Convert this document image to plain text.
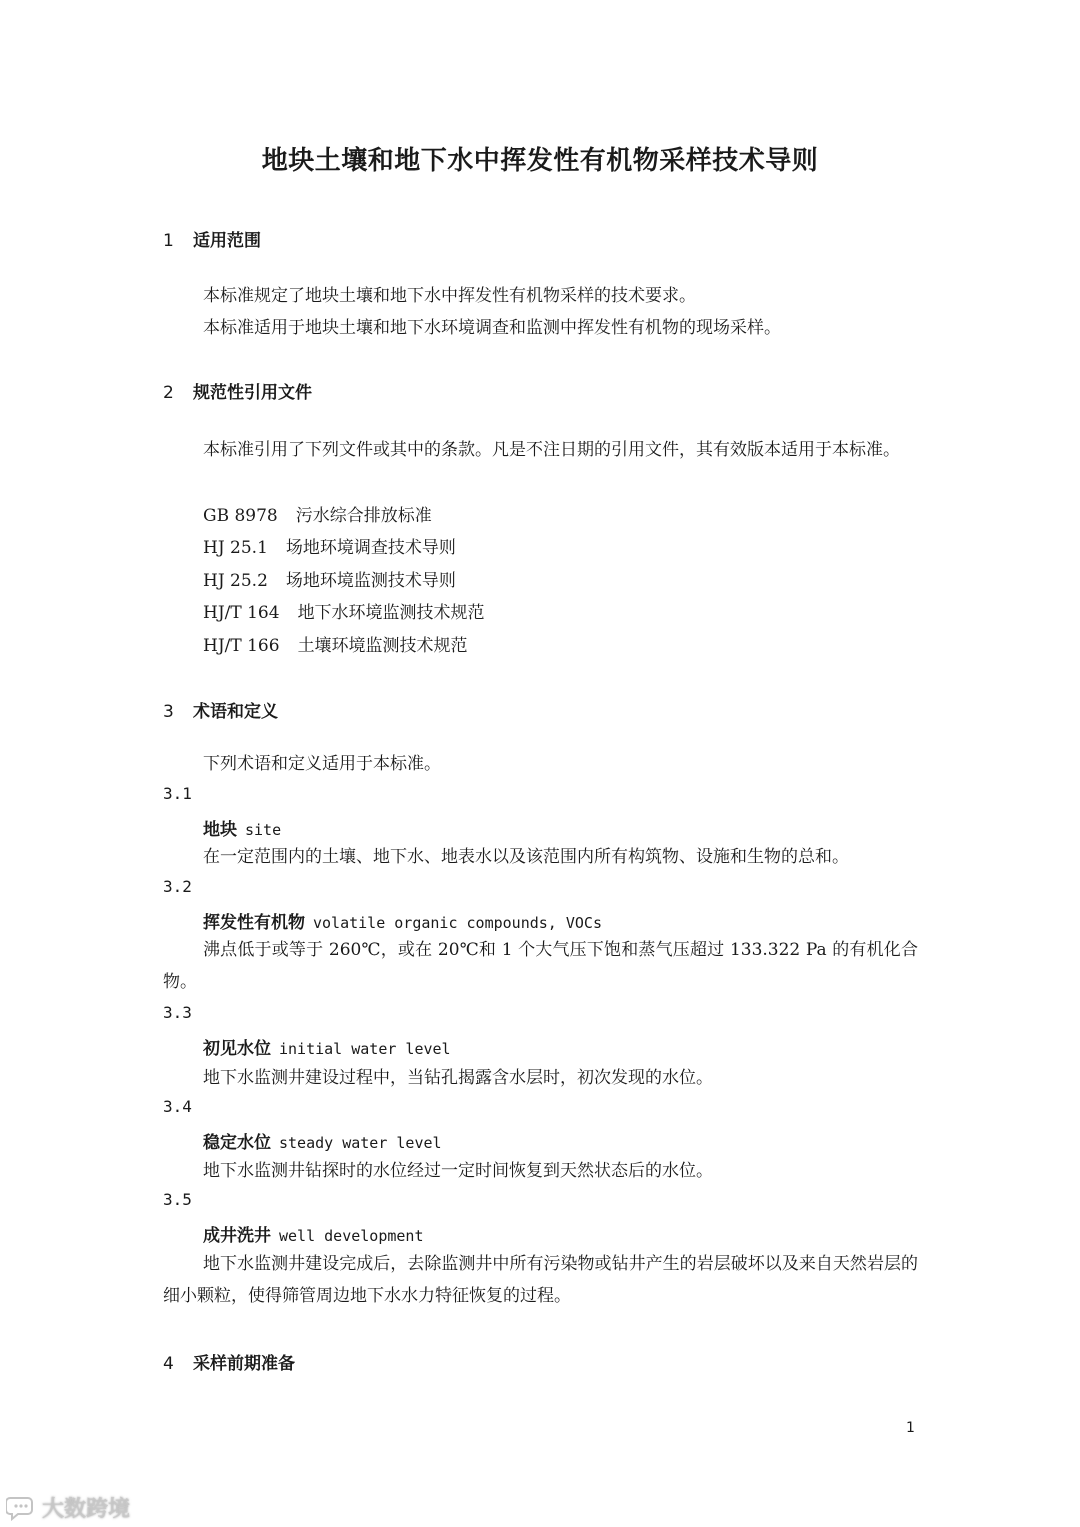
地块土壤和地下水中挥发性有机物采样技术导则
1 适用范围
本标准规定了地块土壤和地下水中挥发性有机物采样的技术要求。
本标准适用于地块土壤和地下水环境调查和监测中挥发性有机物的现场采样。
2 规范性引用文件
本标准引用了下列文件或其中的条款。凡是不注日期的引用文件，其有效版本适用于本标准。
GB 8978 污水综合排放标准
HJ 25.1 场地环境调查技术导则
HJ 25.2 场地环境监测技术导则
HJ/T 164 地下水环境监测技术规范
HJ/T 166 土壤环境监测技术规范
3 术语和定义
下列术语和定义适用于本标准。
3.1
地块 site
在一定范围内的土壤、地下水、地表水以及该范围内所有构筑物、设施和生物的总和。
3.2
挥发性有机物 volatile organic compounds, VOCs
沸点低于或等于 260℃，或在 20℃和 1 个大气压下饱和蒸气压超过 133.322 Pa 的有机化合物。
3.3
初见水位 initial water level
地下水监测井建设过程中，当钻孔揭露含水层时，初次发现的水位。
3.4
稳定水位 steady water level
地下水监测井钻探时的水位经过一定时间恢复到天然状态后的水位。
3.5
成井洗井 well development
地下水监测井建设完成后，去除监测井中所有污染物或钻井产生的岩层破坏以及来自天然岩层的细小颗粒，使得筛管周边地下水水力特征恢复的过程。
4 采样前期准备
1
大数跨境
